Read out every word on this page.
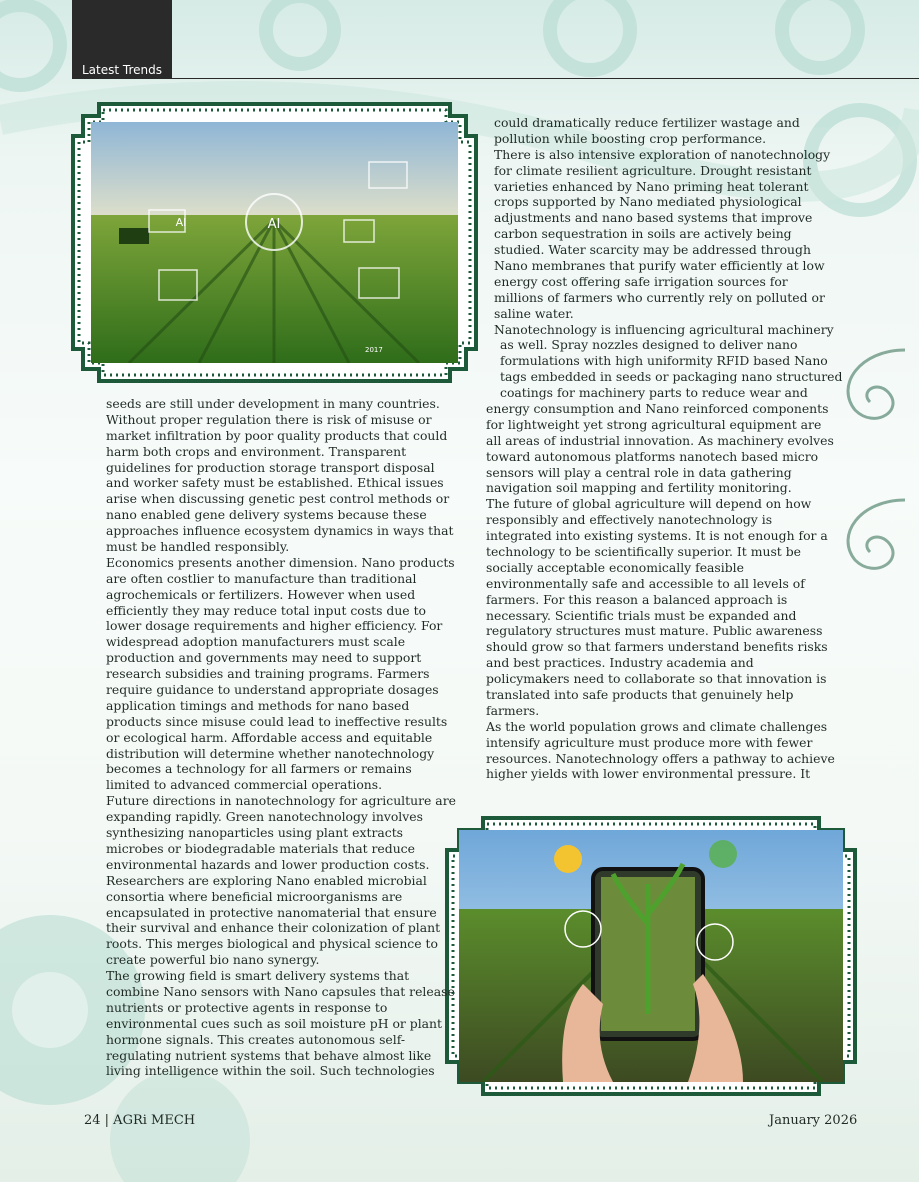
Latest Trends
AI
AI
2017
seeds are still under development in many countries.
Without proper regulation there is risk of misuse or
market infiltration by poor quality products that could
harm both crops and environment. Transparent
guidelines for production storage transport disposal
and worker safety must be established. Ethical issues
arise when discussing genetic pest control methods or
nano enabled gene delivery systems because these
approaches influence ecosystem dynamics in ways that
must be handled responsibly.
Economics presents another dimension. Nano products
are often costlier to manufacture than traditional
agrochemicals or fertilizers. However when used
efficiently they may reduce total input costs due to
lower dosage requirements and higher efficiency. For
widespread adoption manufacturers must scale
production and governments may need to support
research subsidies and training programs. Farmers
require guidance to understand appropriate dosages
application timings and methods for nano based
products since misuse could lead to ineffective results
or ecological harm. Affordable access and equitable
distribution will determine whether nanotechnology
becomes a technology for all farmers or remains
limited to advanced commercial operations.
Future directions in nanotechnology for agriculture are
expanding rapidly. Green nanotechnology involves
synthesizing nanoparticles using plant extracts
microbes or biodegradable materials that reduce
environmental hazards and lower production costs.
Researchers are exploring Nano enabled microbial
consortia where beneficial microorganisms are
encapsulated in protective nanomaterial that ensure
their survival and enhance their colonization of plant
roots. This merges biological and physical science to
create powerful bio nano synergy.
The growing field is smart delivery systems that
combine Nano sensors with Nano capsules that release
nutrients or protective agents in response to
environmental cues such as soil moisture pH or plant
hormone signals. This creates autonomous self-
regulating nutrient systems that behave almost like
living intelligence within the soil. Such technologies
could dramatically reduce fertilizer wastage and
pollution while boosting crop performance.
There is also intensive exploration of nanotechnology
for climate resilient agriculture. Drought resistant
varieties enhanced by Nano priming heat tolerant
crops supported by Nano mediated physiological
adjustments and nano based systems that improve
carbon sequestration in soils are actively being
studied. Water scarcity may be addressed through
Nano membranes that purify water efficiently at low
energy cost offering safe irrigation sources for
millions of farmers who currently rely on polluted or
saline water.
Nanotechnology is influencing agricultural machinery
as well. Spray nozzles designed to deliver nano
formulations with high uniformity RFID based Nano
tags embedded in seeds or packaging nano structured
coatings for machinery parts to reduce wear and
energy consumption and Nano reinforced components
for lightweight yet strong agricultural equipment are
all areas of industrial innovation. As machinery evolves
toward autonomous platforms nanotech based micro
sensors will play a central role in data gathering
navigation soil mapping and fertility monitoring.
The future of global agriculture will depend on how
responsibly and effectively nanotechnology is
integrated into existing systems. It is not enough for a
technology to be scientifically superior. It must be
socially acceptable economically feasible
environmentally safe and accessible to all levels of
farmers. For this reason a balanced approach is
necessary. Scientific trials must be expanded and
regulatory structures must mature. Public awareness
should grow so that farmers understand benefits risks
and best practices. Industry academia and
policymakers need to collaborate so that innovation is
translated into safe products that genuinely help
farmers.
As the world population grows and climate challenges
intensify agriculture must produce more with fewer
resources. Nanotechnology offers a pathway to achieve
higher yields with lower environmental pressure. It
24 | AGRi MECH	January 2026
